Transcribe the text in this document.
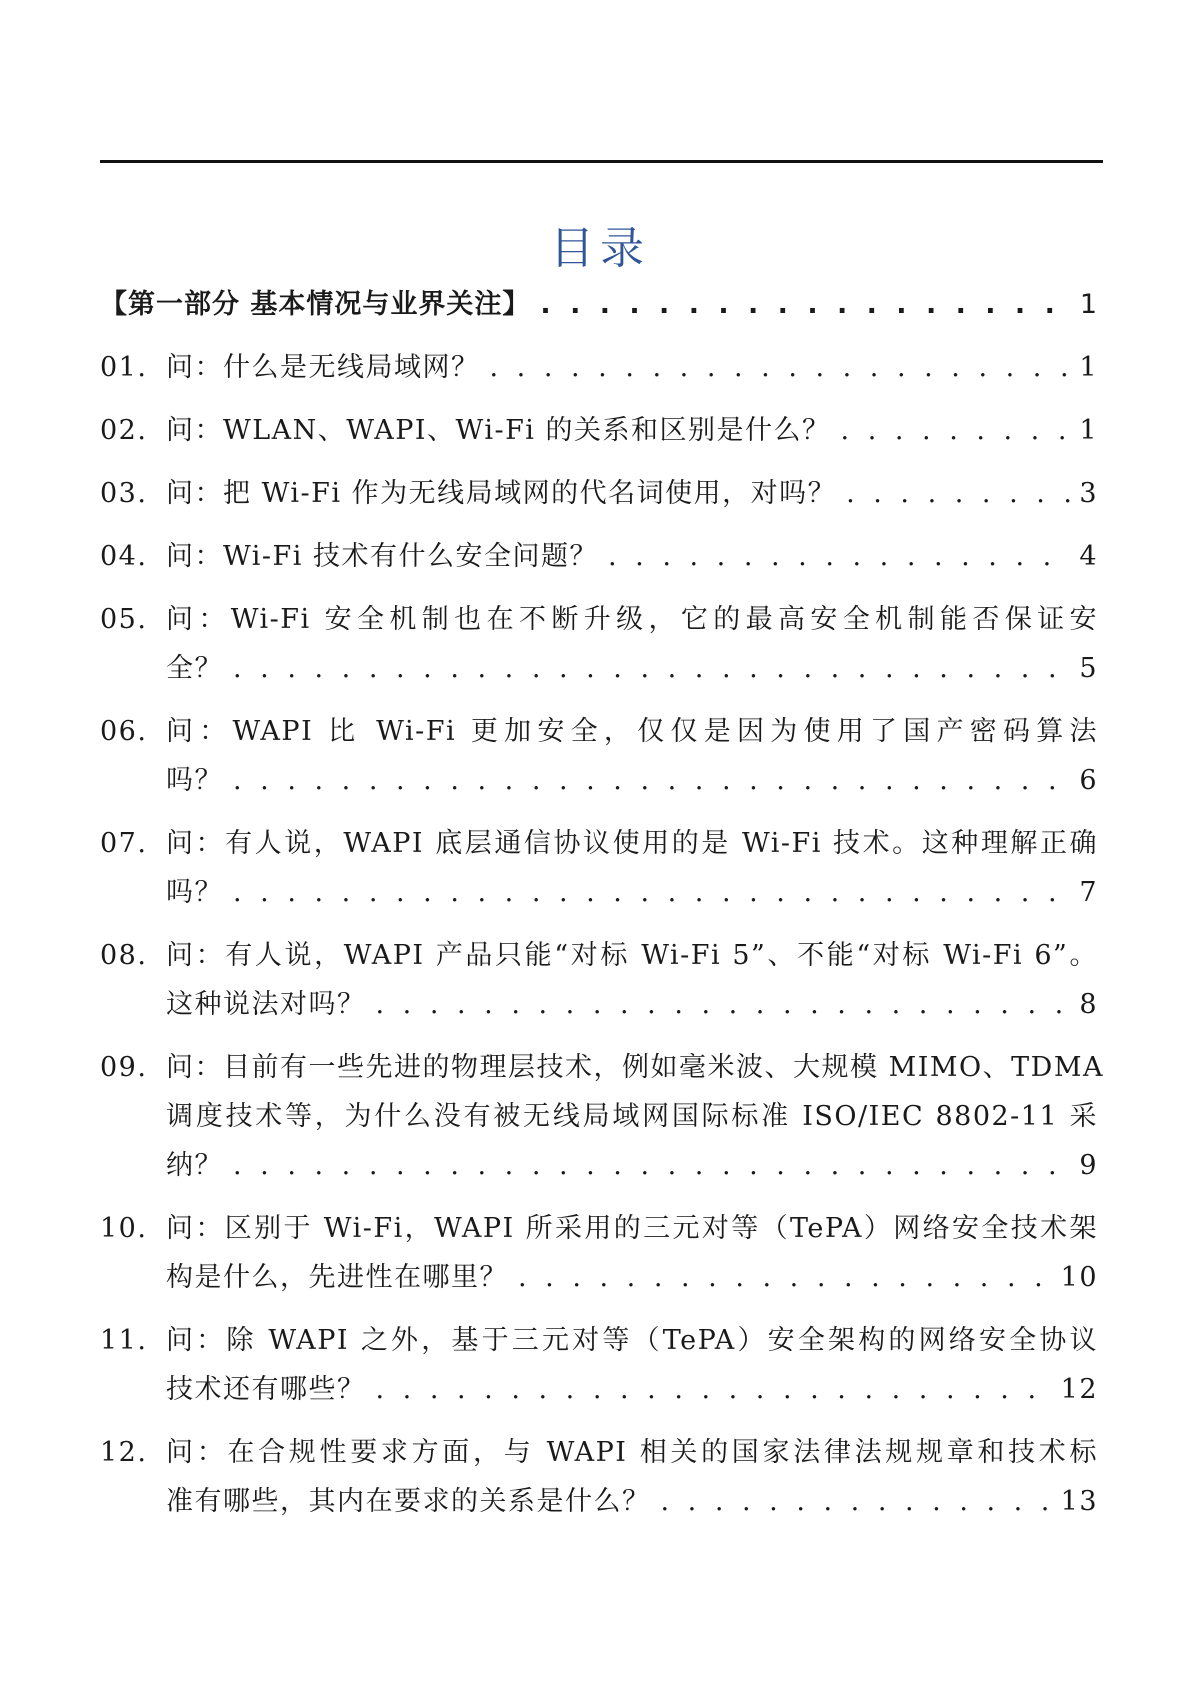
目录
【第一部分 基本情况与业界关注】 . . .	1
01. 问：什么是无线局域网？ . . .	1
02. 问：WLAN、WAPI、Wi-Fi 的关系和区别是什么？ . . .	1
03. 问：把 Wi-Fi 作为无线局域网的代名词使用，对吗？ . . .	3
04. 问：Wi-Fi 技术有什么安全问题？ . . .	4
05. 问：Wi-Fi 安全机制也在不断升级，它的最高安全机制能否保证安
全？ . . .	5
06. 问：WAPI 比 Wi-Fi 更加安全，仅仅是因为使用了国产密码算法
吗？ . . .	6
07. 问：有人说，WAPI 底层通信协议使用的是 Wi-Fi 技术。这种理解正确
吗？ . . .	7
08. 问：有人说，WAPI 产品只能“对标 Wi-Fi 5”、不能“对标 Wi-Fi 6”。
这种说法对吗？ . . .	8
09. 问：目前有一些先进的物理层技术，例如毫米波、大规模 MIMO、TDMA
调度技术等，为什么没有被无线局域网国际标准 ISO/IEC 8802-11 采
纳？ . . .	9
10. 问：区别于 Wi-Fi，WAPI 所采用的三元对等（TePA）网络安全技术架
构是什么，先进性在哪里？ . . .	10
11. 问：除 WAPI 之外，基于三元对等（TePA）安全架构的网络安全协议
技术还有哪些？ . . .	12
12. 问：在合规性要求方面，与 WAPI 相关的国家法律法规规章和技术标
准有哪些，其内在要求的关系是什么？ . . .	13
